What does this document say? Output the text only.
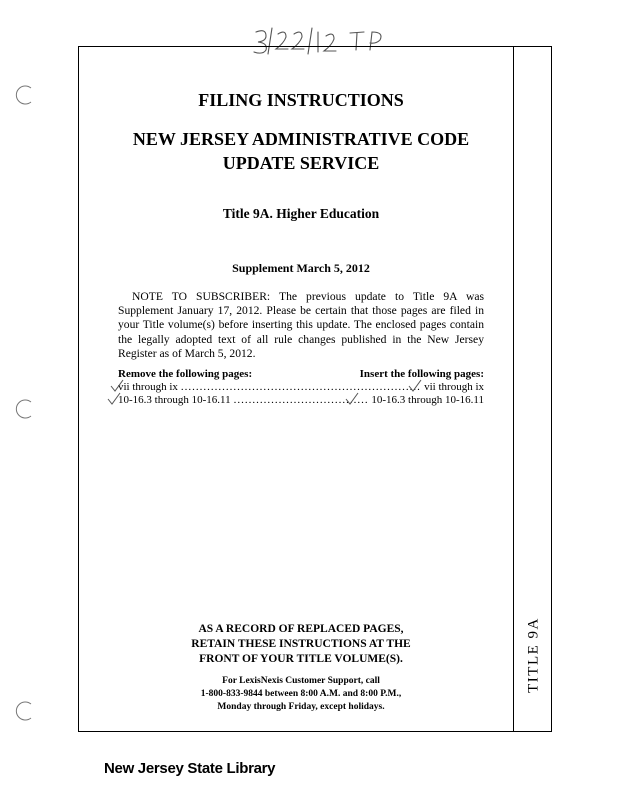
TITLE 9A
FILING INSTRUCTIONS
NEW JERSEY ADMINISTRATIVE CODE
UPDATE SERVICE
Title 9A. Higher Education
Supplement March 5, 2012

NOTE TO SUBSCRIBER: The previous update to Title 9A was Supplement January 17, 2012. Please be certain that those pages are filed in your Title volume(s) before inserting this update. The enclosed pages contain the legally adopted text of all rule changes published in the New Jersey Register as of March 5, 2012.

Remove the following pages:	Insert the following pages:
vii through ix .....	vii through ix
10-16.3 through 10-16.11 .....	10-16.3 through 10-16.11
AS A RECORD OF REPLACED PAGES,
RETAIN THESE INSTRUCTIONS AT THE
FRONT OF YOUR TITLE VOLUME(S).
For LexisNexis Customer Support, call
1-800-833-9844 between 8:00 A.M. and 8:00 P.M.,
Monday through Friday, except holidays.
New Jersey State Library
